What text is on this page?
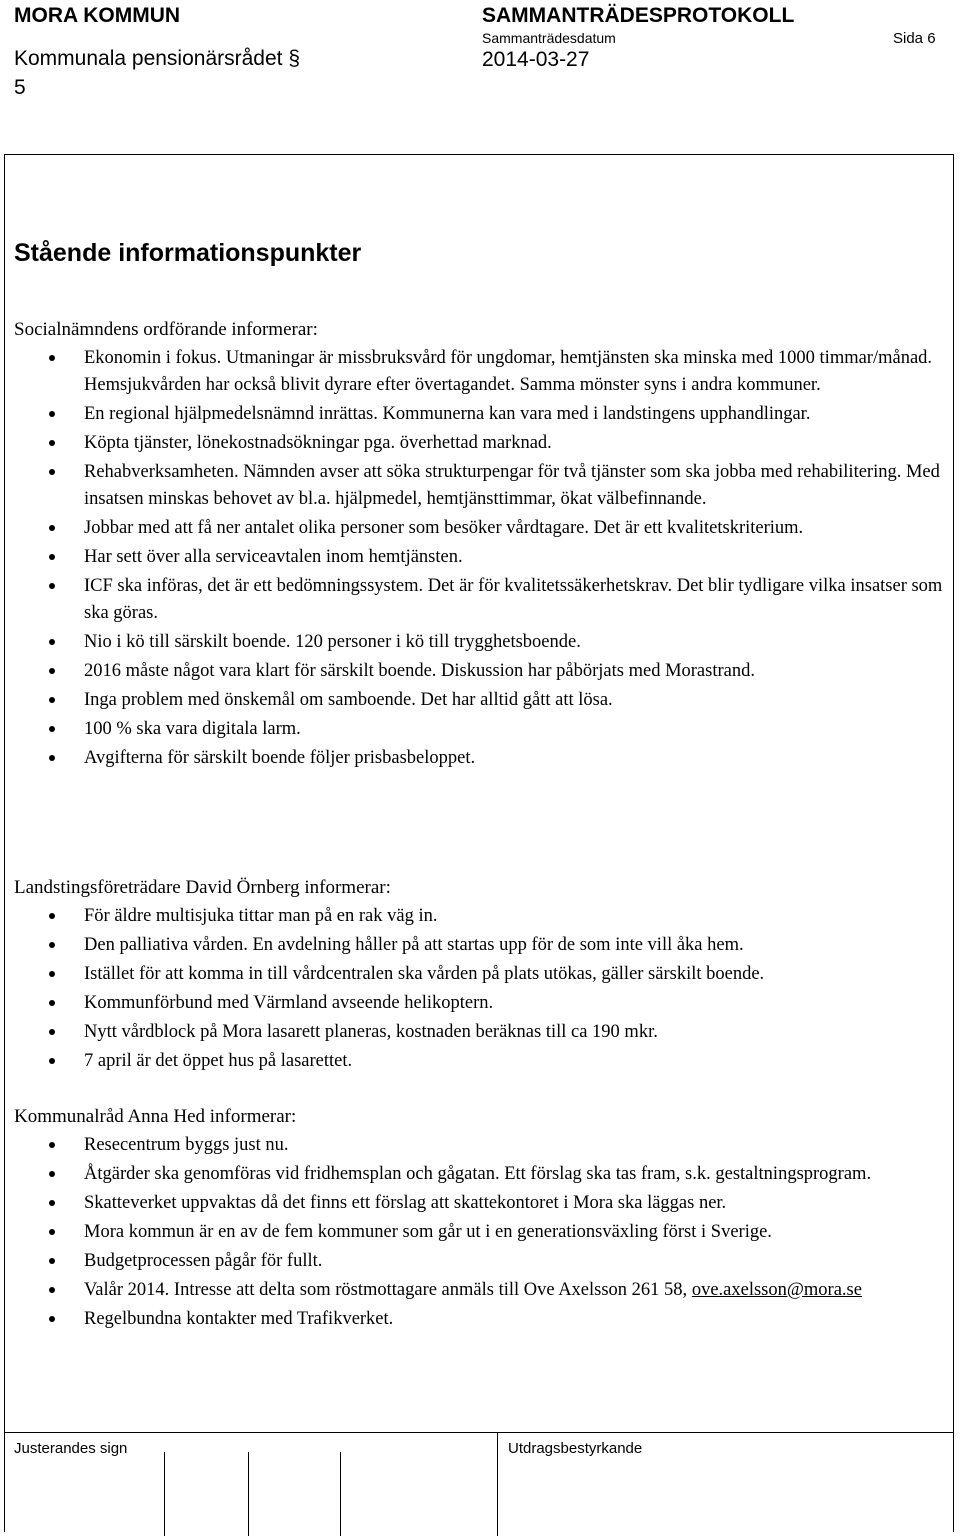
MORA KOMMUN	SAMMANTRÄDESPROTOKOLL
Sammanträdesdatum	Sida 6
Kommunala pensionärsrådet § 5
2014-03-27
Stående informationspunkter
Socialnämndens ordförande informerar:
Ekonomin i fokus. Utmaningar är missbruksvård för ungdomar, hemtjänsten ska minska med 1000 timmar/månad. Hemsjukvården har också blivit dyrare efter övertagandet. Samma mönster syns i andra kommuner.
En regional hjälpmedelsnämnd inrättas. Kommunerna kan vara med i landstingens upphandlingar.
Köpta tjänster, lönekostnadsökningar pga. överhettad marknad.
Rehabverksamheten. Nämnden avser att söka strukturpengar för två tjänster som ska jobba med rehabilitering. Med insatsen minskas behovet av bl.a. hjälpmedel, hemtjänsttimmar, ökat välbefinnande.
Jobbar med att få ner antalet olika personer som besöker vårdtagare. Det är ett kvalitetskriterium.
Har sett över alla serviceavtalen inom hemtjänsten.
ICF ska införas, det är ett bedömningssystem. Det är för kvalitetssäkerhetskrav. Det blir tydligare vilka insatser som ska göras.
Nio i kö till särskilt boende. 120 personer i kö till trygghetsboende.
2016 måste något vara klart för särskilt boende. Diskussion har påbörjats med Morastrand.
Inga problem med önskemål om samboende. Det har alltid gått att lösa.
100 % ska vara digitala larm.
Avgifterna för särskilt boende följer prisbasbeloppet.
Landstingsföreträdare David Örnberg informerar:
För äldre multisjuka tittar man på en rak väg in.
Den palliativa vården. En avdelning håller på att startas upp för de som inte vill åka hem.
Istället för att komma in till vårdcentralen ska vården på plats utökas, gäller särskilt boende.
Kommunförbund med Värmland avseende helikoptern.
Nytt vårdblock på Mora lasarett planeras, kostnaden beräknas till ca 190 mkr.
7 april är det öppet hus på lasarettet.
Kommunalråd Anna Hed informerar:
Resecentrum byggs just nu.
Åtgärder ska genomföras vid fridhemsplan och gågatan. Ett förslag ska tas fram, s.k. gestaltningsprogram.
Skatteverket uppvaktas då det finns ett förslag att skattekontoret i Mora ska läggas ner.
Mora kommun är en av de fem kommuner som går ut i en generationsväxling först i Sverige.
Budgetprocessen pågår för fullt.
Valår 2014. Intresse att delta som röstmottagare anmäls till Ove Axelsson 261 58, ove.axelsson@mora.se
Regelbundna kontakter med Trafikverket.
Justerandes sign	Utdragsbestyrkande
